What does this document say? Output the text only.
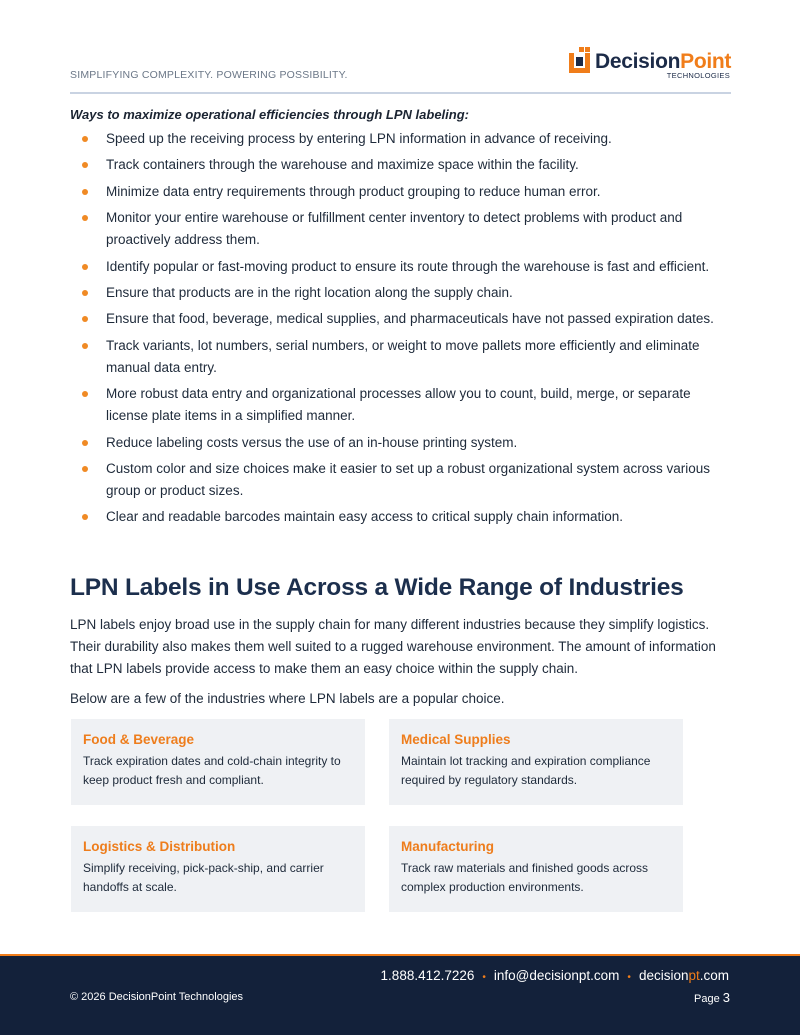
SIMPLIFYING COMPLEXITY. POWERING POSSIBILITY.
DecisionPoint
TECHNOLOGIES
Ways to maximize operational efficiencies through LPN labeling:
Speed up the receiving process by entering LPN information in advance of receiving.
Track containers through the warehouse and maximize space within the facility.
Minimize data entry requirements through product grouping to reduce human error.
Monitor your entire warehouse or fulfillment center inventory to detect problems with product and proactively address them.
Identify popular or fast-moving product to ensure its route through the warehouse is fast and efficient.
Ensure that products are in the right location along the supply chain.
Ensure that food, beverage, medical supplies, and pharmaceuticals have not passed expiration dates.
Track variants, lot numbers, serial numbers, or weight to move pallets more efficiently and eliminate manual data entry.
More robust data entry and organizational processes allow you to count, build, merge, or separate license plate items in a simplified manner.
Reduce labeling costs versus the use of an in-house printing system.
Custom color and size choices make it easier to set up a robust organizational system across various group or product sizes.
Clear and readable barcodes maintain easy access to critical supply chain information.
LPN Labels in Use Across a Wide Range of Industries

LPN labels enjoy broad use in the supply chain for many different industries because they simplify logistics. Their durability also makes them well suited to a rugged warehouse environment. The amount of information that LPN labels provide access to make them an easy choice within the supply chain.

Below are a few of the industries where LPN labels are a popular choice.

Food & Beverage
Track expiration dates and cold-chain integrity to keep product fresh and compliant.
Medical Supplies
Maintain lot tracking and expiration compliance required by regulatory standards.
Logistics & Distribution
Simplify receiving, pick-pack-ship, and carrier handoffs at scale.
Manufacturing
Track raw materials and finished goods across complex production environments.
1.888.412.7226 • info@decisionpt.com • decisionpt.com
© 2026 DecisionPoint Technologies	Page 3
